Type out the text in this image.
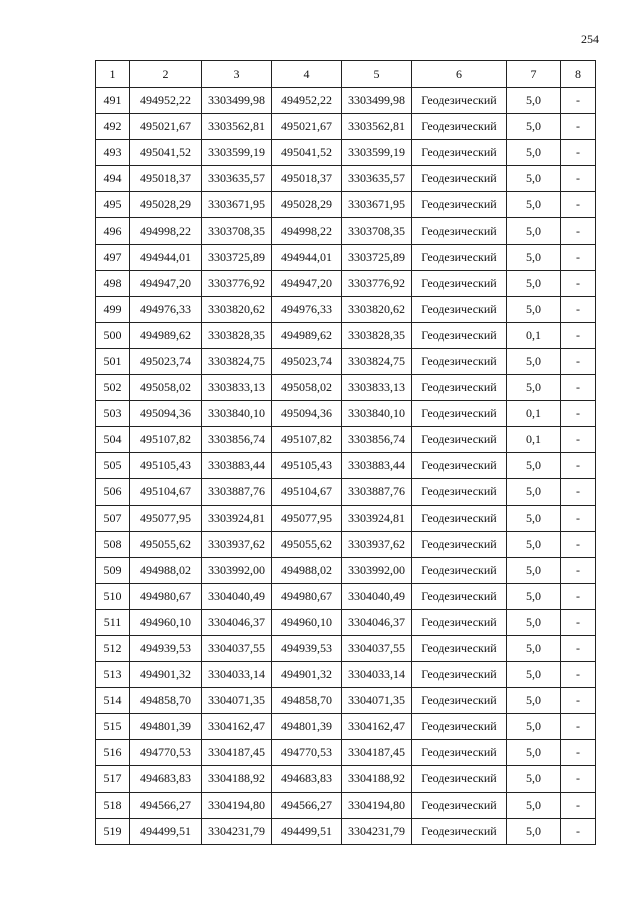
254
1	2	3	4	5	6	7	8
491	494952,22	3303499,98	494952,22	3303499,98	Геодезический	5,0	-
492	495021,67	3303562,81	495021,67	3303562,81	Геодезический	5,0	-
493	495041,52	3303599,19	495041,52	3303599,19	Геодезический	5,0	-
494	495018,37	3303635,57	495018,37	3303635,57	Геодезический	5,0	-
495	495028,29	3303671,95	495028,29	3303671,95	Геодезический	5,0	-
496	494998,22	3303708,35	494998,22	3303708,35	Геодезический	5,0	-
497	494944,01	3303725,89	494944,01	3303725,89	Геодезический	5,0	-
498	494947,20	3303776,92	494947,20	3303776,92	Геодезический	5,0	-
499	494976,33	3303820,62	494976,33	3303820,62	Геодезический	5,0	-
500	494989,62	3303828,35	494989,62	3303828,35	Геодезический	0,1	-
501	495023,74	3303824,75	495023,74	3303824,75	Геодезический	5,0	-
502	495058,02	3303833,13	495058,02	3303833,13	Геодезический	5,0	-
503	495094,36	3303840,10	495094,36	3303840,10	Геодезический	0,1	-
504	495107,82	3303856,74	495107,82	3303856,74	Геодезический	0,1	-
505	495105,43	3303883,44	495105,43	3303883,44	Геодезический	5,0	-
506	495104,67	3303887,76	495104,67	3303887,76	Геодезический	5,0	-
507	495077,95	3303924,81	495077,95	3303924,81	Геодезический	5,0	-
508	495055,62	3303937,62	495055,62	3303937,62	Геодезический	5,0	-
509	494988,02	3303992,00	494988,02	3303992,00	Геодезический	5,0	-
510	494980,67	3304040,49	494980,67	3304040,49	Геодезический	5,0	-
511	494960,10	3304046,37	494960,10	3304046,37	Геодезический	5,0	-
512	494939,53	3304037,55	494939,53	3304037,55	Геодезический	5,0	-
513	494901,32	3304033,14	494901,32	3304033,14	Геодезический	5,0	-
514	494858,70	3304071,35	494858,70	3304071,35	Геодезический	5,0	-
515	494801,39	3304162,47	494801,39	3304162,47	Геодезический	5,0	-
516	494770,53	3304187,45	494770,53	3304187,45	Геодезический	5,0	-
517	494683,83	3304188,92	494683,83	3304188,92	Геодезический	5,0	-
518	494566,27	3304194,80	494566,27	3304194,80	Геодезический	5,0	-
519	494499,51	3304231,79	494499,51	3304231,79	Геодезический	5,0	-
